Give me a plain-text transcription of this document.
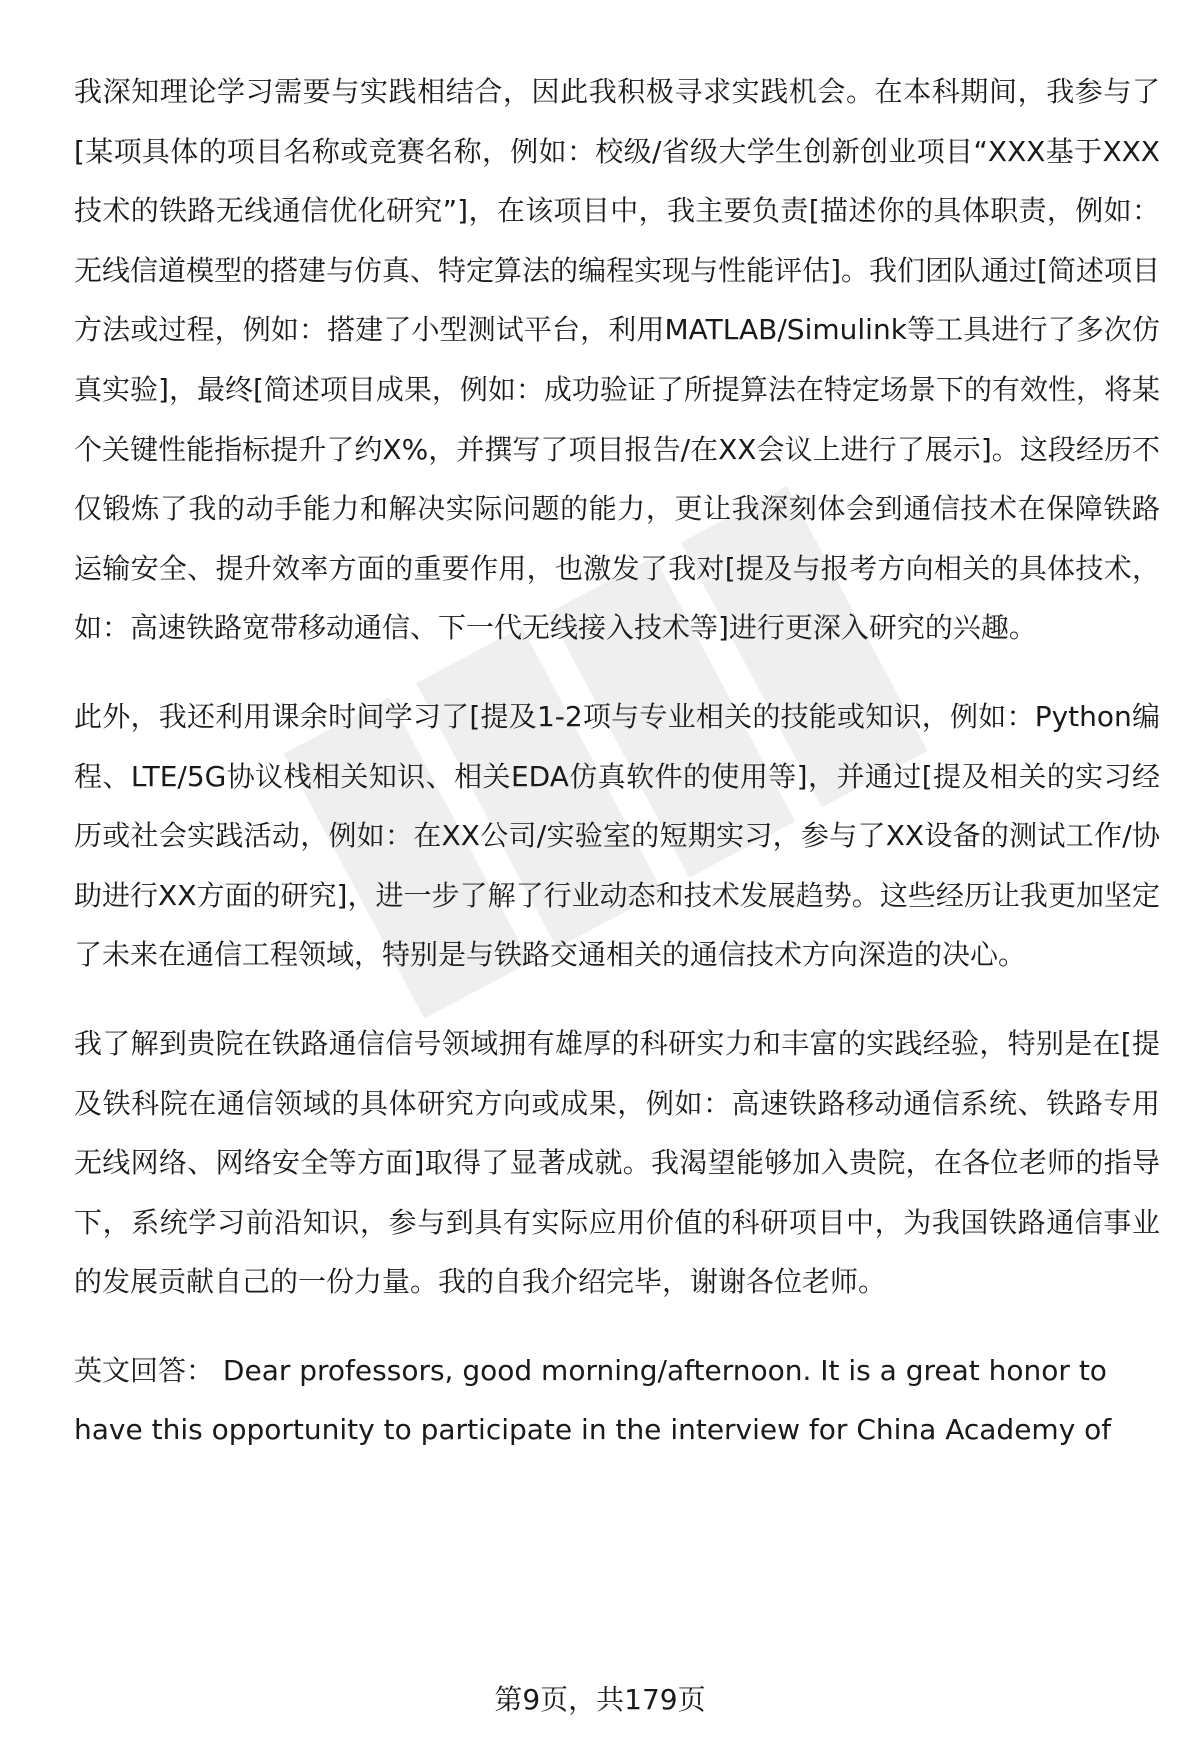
我深知理论学习需要与实践相结合，因此我积极寻求实践机会。在本科期间，我参与了[某项具体的项目名称或竞赛名称，例如：校级/省级大学生创新创业项目“XXX基于XXX技术的铁路无线通信优化研究”]，在该项目中，我主要负责[描述你的具体职责，例如：无线信道模型的搭建与仿真、特定算法的编程实现与性能评估]。我们团队通过[简述项目方法或过程，例如：搭建了小型测试平台，利用MATLAB/Simulink等工具进行了多次仿真实验]，最终[简述项目成果，例如：成功验证了所提算法在特定场景下的有效性，将某个关键性能指标提升了约X%，并撰写了项目报告/在XX会议上进行了展示]。这段经历不仅锻炼了我的动手能力和解决实际问题的能力，更让我深刻体会到通信技术在保障铁路运输安全、提升效率方面的重要作用，也激发了我对[提及与报考方向相关的具体技术，如：高速铁路宽带移动通信、下一代无线接入技术等]进行更深入研究的兴趣。

此外，我还利用课余时间学习了[提及1-2项与专业相关的技能或知识，例如：Python编程、LTE/5G协议栈相关知识、相关EDA仿真软件的使用等]，并通过[提及相关的实习经历或社会实践活动，例如：在XX公司/实验室的短期实习，参与了XX设备的测试工作/协助进行XX方面的研究]，进一步了解了行业动态和技术发展趋势。这些经历让我更加坚定了未来在通信工程领域，特别是与铁路交通相关的通信技术方向深造的决心。

我了解到贵院在铁路通信信号领域拥有雄厚的科研实力和丰富的实践经验，特别是在[提及铁科院在通信领域的具体研究方向或成果，例如：高速铁路移动通信系统、铁路专用无线网络、网络安全等方面]取得了显著成就。我渴望能够加入贵院，在各位老师的指导下，系统学习前沿知识，参与到具有实际应用价值的科研项目中，为我国铁路通信事业的发展贡献自己的一份力量。我的自我介绍完毕，谢谢各位老师。

英文回答： Dear professors, good morning/afternoon. It is a great honor to have this opportunity to participate in the interview for China Academy of

第9页，共179页
